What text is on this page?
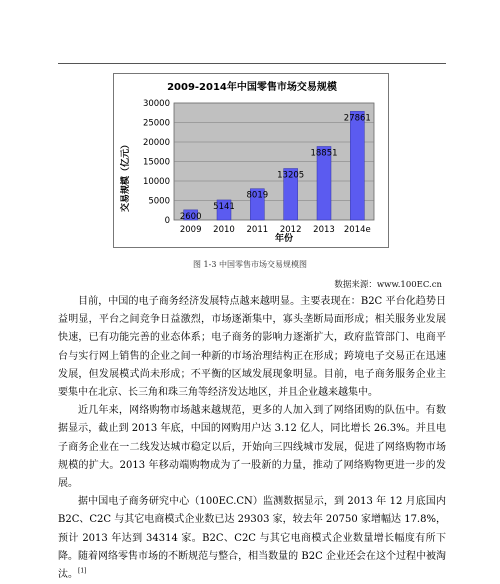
2009-2014年中国零售市场交易规模
交易规模（亿元）
年份
0
5000
10000
15000
20000
25000
30000
2600
2009
5141
2010
8019
2011
13205
2012
18851
2013
27861
2014e
图 1-3 中国零售市场交易规模图
数据来源：www.100EC.cn

目前，中国的电子商务经济发展特点越来越明显。主要表现在：B2C 平台化趋势日益明显，平台之间竞争日益激烈，市场逐渐集中，寡头垄断局面形成；相关服务业发展快速，已有功能完善的业态体系；电子商务的影响力逐渐扩大，政府监管部门、电商平台与实行网上销售的企业之间一种新的市场治理结构正在形成；跨境电子交易正在迅速发展，但发展模式尚未形成；不平衡的区域发展现象明显。目前，电子商务服务企业主要集中在北京、长三角和珠三角等经济发达地区，并且企业越来越集中。

近几年来，网络购物市场越来越规范，更多的人加入到了网络团购的队伍中。有数据显示，截止到 2013 年底，中国的网购用户达 3.12 亿人，同比增长 26.3%。并且电子商务企业在一二线发达城市稳定以后，开始向三四线城市发展，促进了网络购物市场规模的扩大。2013 年移动端购物成为了一股新的力量，推动了网络购物更进一步的发展。

据中国电子商务研究中心（100EC.CN）监测数据显示，到 2013 年 12 月底国内 B2C、C2C 与其它电商模式企业数已达 29303 家，较去年 20750 家增幅达 17.8%，预计 2013 年达到 34314 家。B2C、C2C 与其它电商模式企业数量增长幅度有所下降。随着网络零售市场的不断规范与整合，相当数量的 B2C 企业还会在这个过程中被淘汰。[1]
